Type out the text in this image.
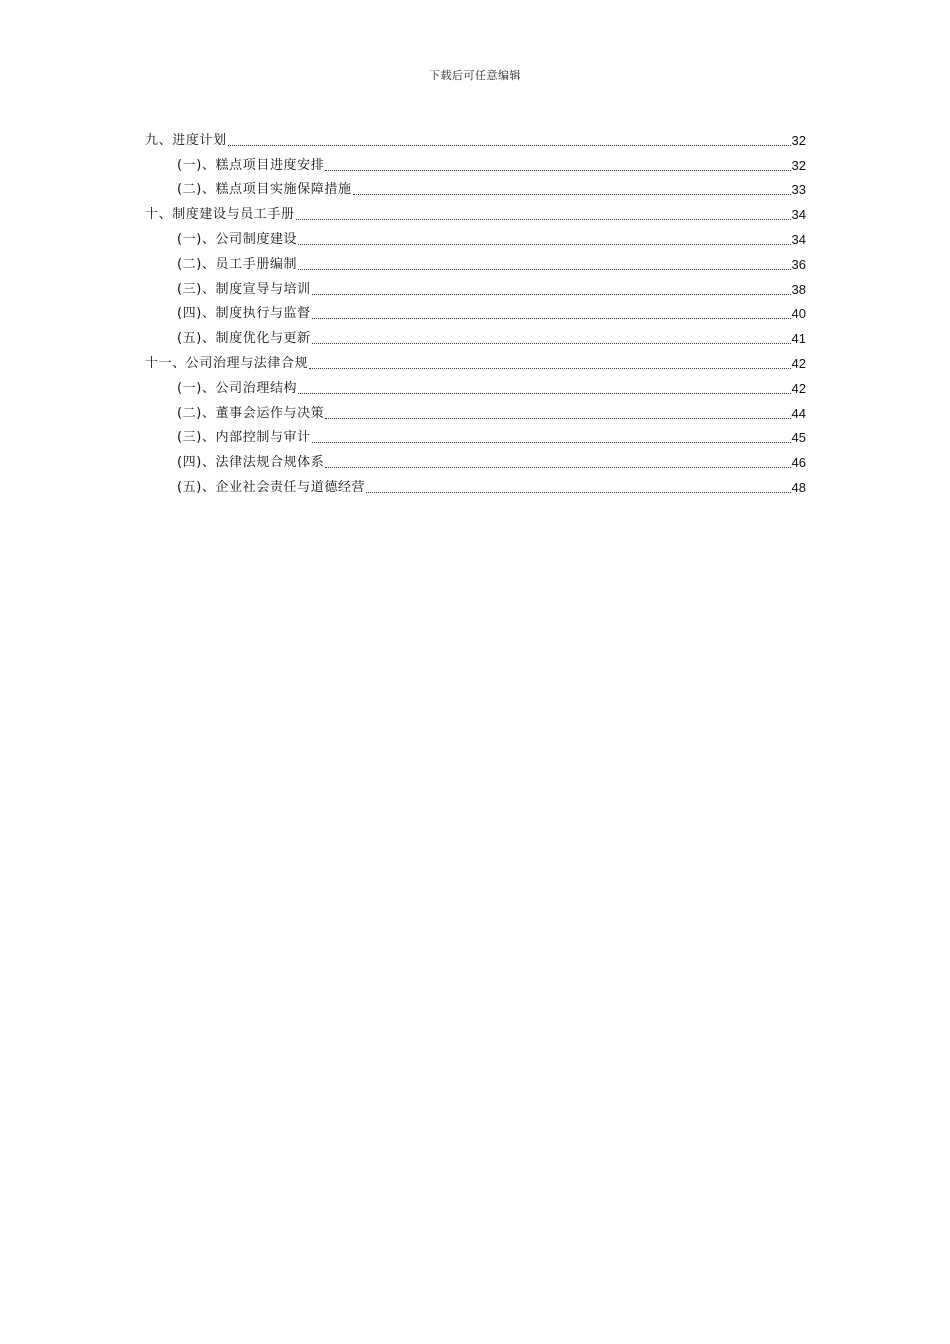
下载后可任意编辑
九、进度计划	32
(一)、糕点项目进度安排	32
(二)、糕点项目实施保障措施	33
十、制度建设与员工手册	34
(一)、公司制度建设	34
(二)、员工手册编制	36
(三)、制度宣导与培训	38
(四)、制度执行与监督	40
(五)、制度优化与更新	41
十一、公司治理与法律合规	42
(一)、公司治理结构	42
(二)、董事会运作与决策	44
(三)、内部控制与审计	45
(四)、法律法规合规体系	46
(五)、企业社会责任与道德经营	48
